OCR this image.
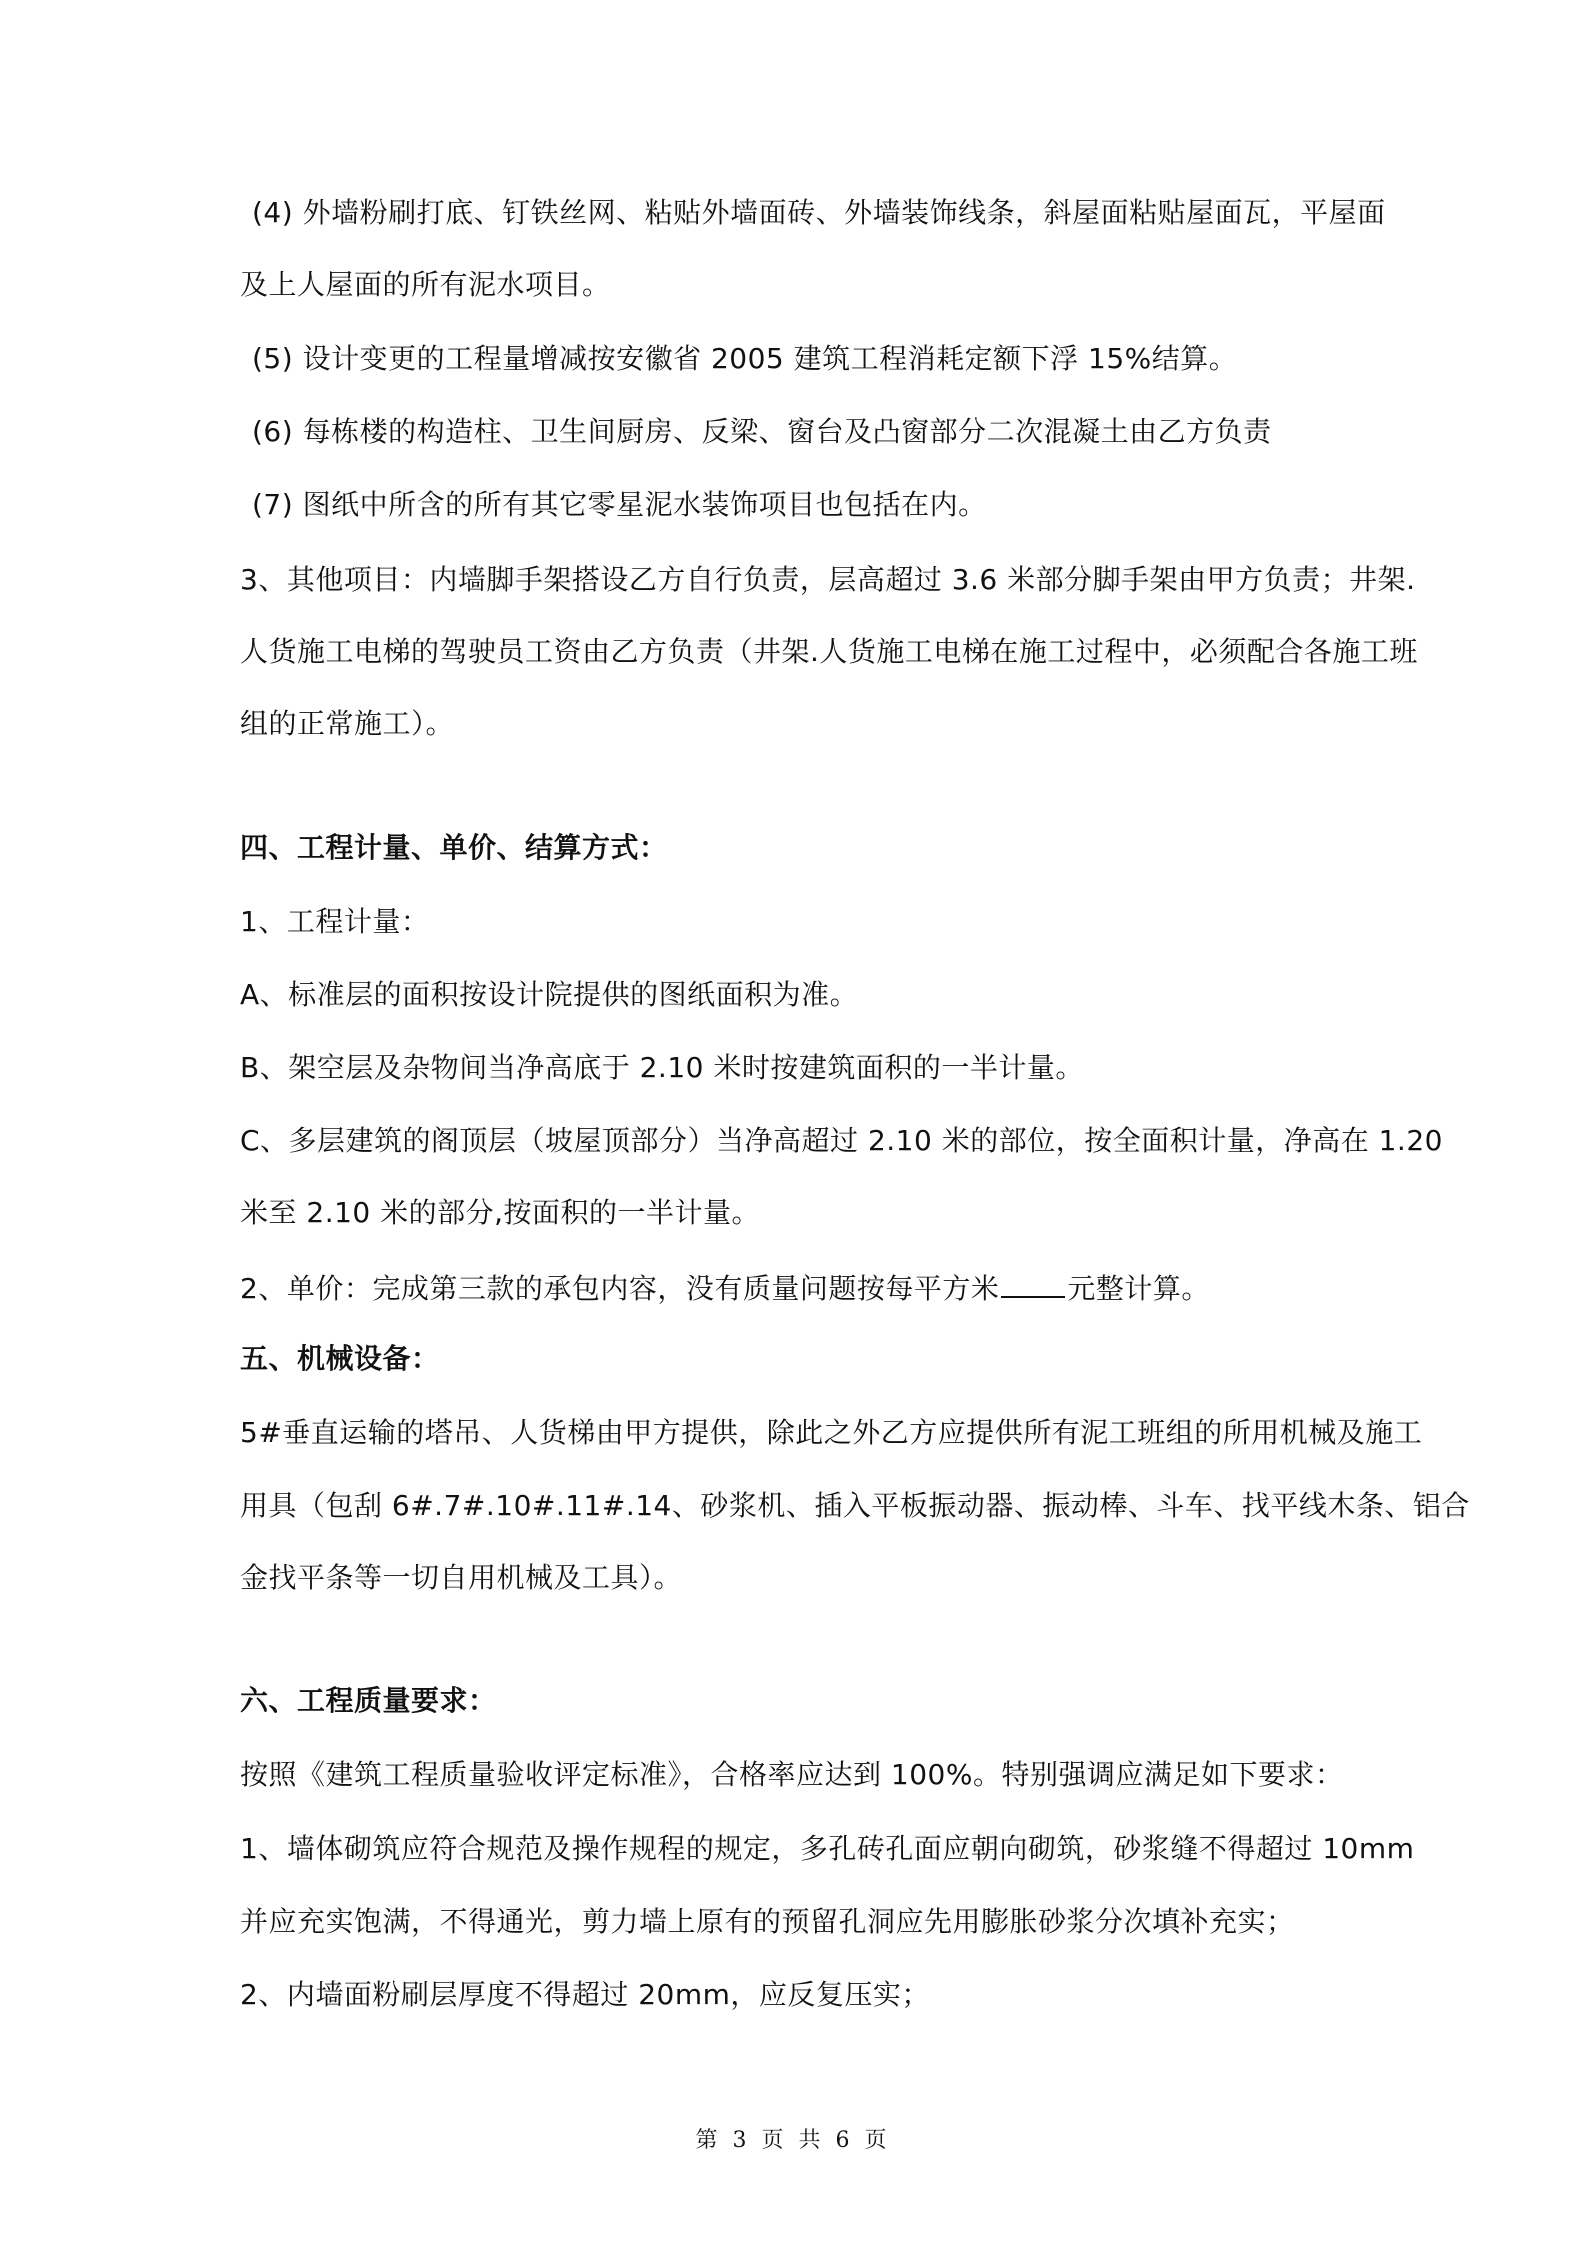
(4) 外墙粉刷打底、钉铁丝网、粘贴外墙面砖、外墙装饰线条，斜屋面粘贴屋面瓦，平屋面
及上人屋面的所有泥水项目。
(5) 设计变更的工程量增减按安徽省 2005 建筑工程消耗定额下浮 15%结算。
(6) 每栋楼的构造柱、卫生间厨房、反梁、窗台及凸窗部分二次混凝土由乙方负责
(7) 图纸中所含的所有其它零星泥水装饰项目也包括在内。
3、其他项目：内墙脚手架搭设乙方自行负责，层高超过 3.6 米部分脚手架由甲方负责；井架.
人货施工电梯的驾驶员工资由乙方负责（井架.人货施工电梯在施工过程中，必须配合各施工班
组的正常施工）。
四、工程计量、单价、结算方式：
1、工程计量：
A、标准层的面积按设计院提供的图纸面积为准。
B、架空层及杂物间当净高底于 2.10 米时按建筑面积的一半计量。
C、多层建筑的阁顶层（坡屋顶部分）当净高超过 2.10 米的部位，按全面积计量，净高在 1.20
米至 2.10 米的部分,按面积的一半计量。
2、单价：完成第三款的承包内容，没有质量问题按每平方米 元整计算。
五、机械设备：
5#垂直运输的塔吊、人货梯由甲方提供，除此之外乙方应提供所有泥工班组的所用机械及施工
用具（包刮 6#.7#.10#.11#.14、砂浆机、插入平板振动器、振动棒、斗车、找平线木条、铝合
金找平条等一切自用机械及工具）。
六、工程质量要求：
按照《建筑工程质量验收评定标准》，合格率应达到 100%。特别强调应满足如下要求：
1、墙体砌筑应符合规范及操作规程的规定，多孔砖孔面应朝向砌筑，砂浆缝不得超过 10mm
并应充实饱满，不得通光，剪力墙上原有的预留孔洞应先用膨胀砂浆分次填补充实；
2、内墙面粉刷层厚度不得超过 20mm，应反复压实；
第 3 页 共 6 页
